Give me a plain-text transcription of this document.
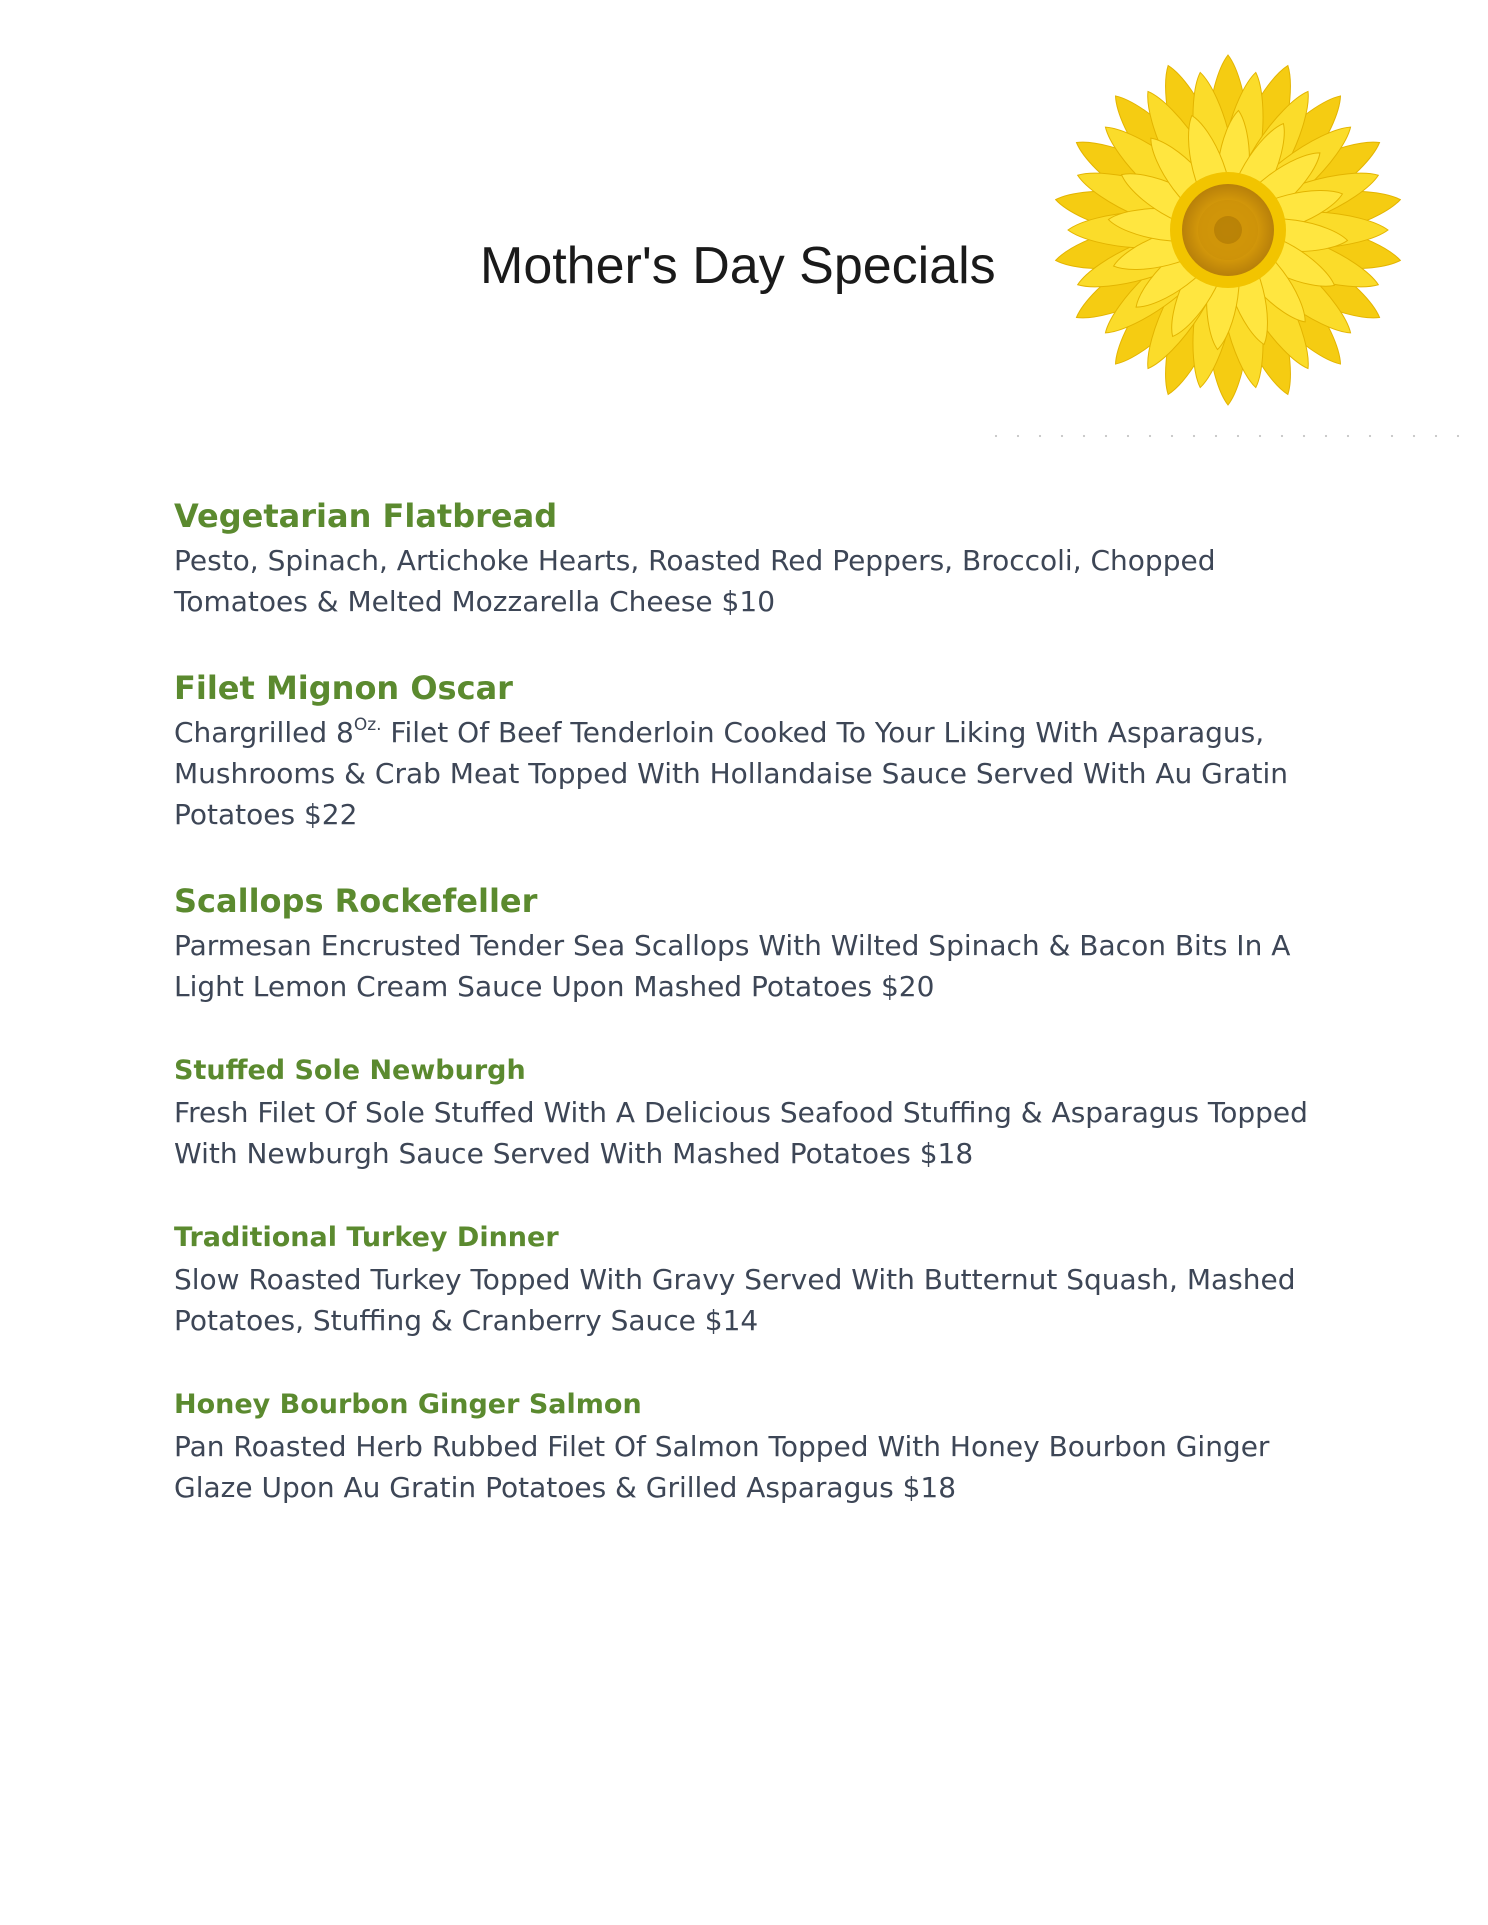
Mother's Day Specials
Vegetarian Flatbread

Pesto, Spinach, Artichoke Hearts, Roasted Red Peppers, Broccoli, Chopped Tomatoes & Melted Mozzarella Cheese $10

Filet Mignon Oscar

Chargrilled $8^{Oz.}$ Filet Of Beef Tenderloin Cooked To Your Liking With Asparagus, Mushrooms & Crab Meat Topped With Hollandaise Sauce Served With Au Gratin Potatoes $22

Scallops Rockefeller

Parmesan Encrusted Tender Sea Scallops With Wilted Spinach & Bacon Bits In A Light Lemon Cream Sauce Upon Mashed Potatoes $20

Stuffed Sole Newburgh

Fresh Filet Of Sole Stuffed With A Delicious Seafood Stuffing & Asparagus Topped With Newburgh Sauce Served With Mashed Potatoes $18

Traditional Turkey Dinner

Slow Roasted Turkey Topped With Gravy Served With Butternut Squash, Mashed Potatoes, Stuffing & Cranberry Sauce $14

Honey Bourbon Ginger Salmon

Pan Roasted Herb Rubbed Filet Of Salmon Topped With Honey Bourbon Ginger Glaze Upon Au Gratin Potatoes & Grilled Asparagus $18
